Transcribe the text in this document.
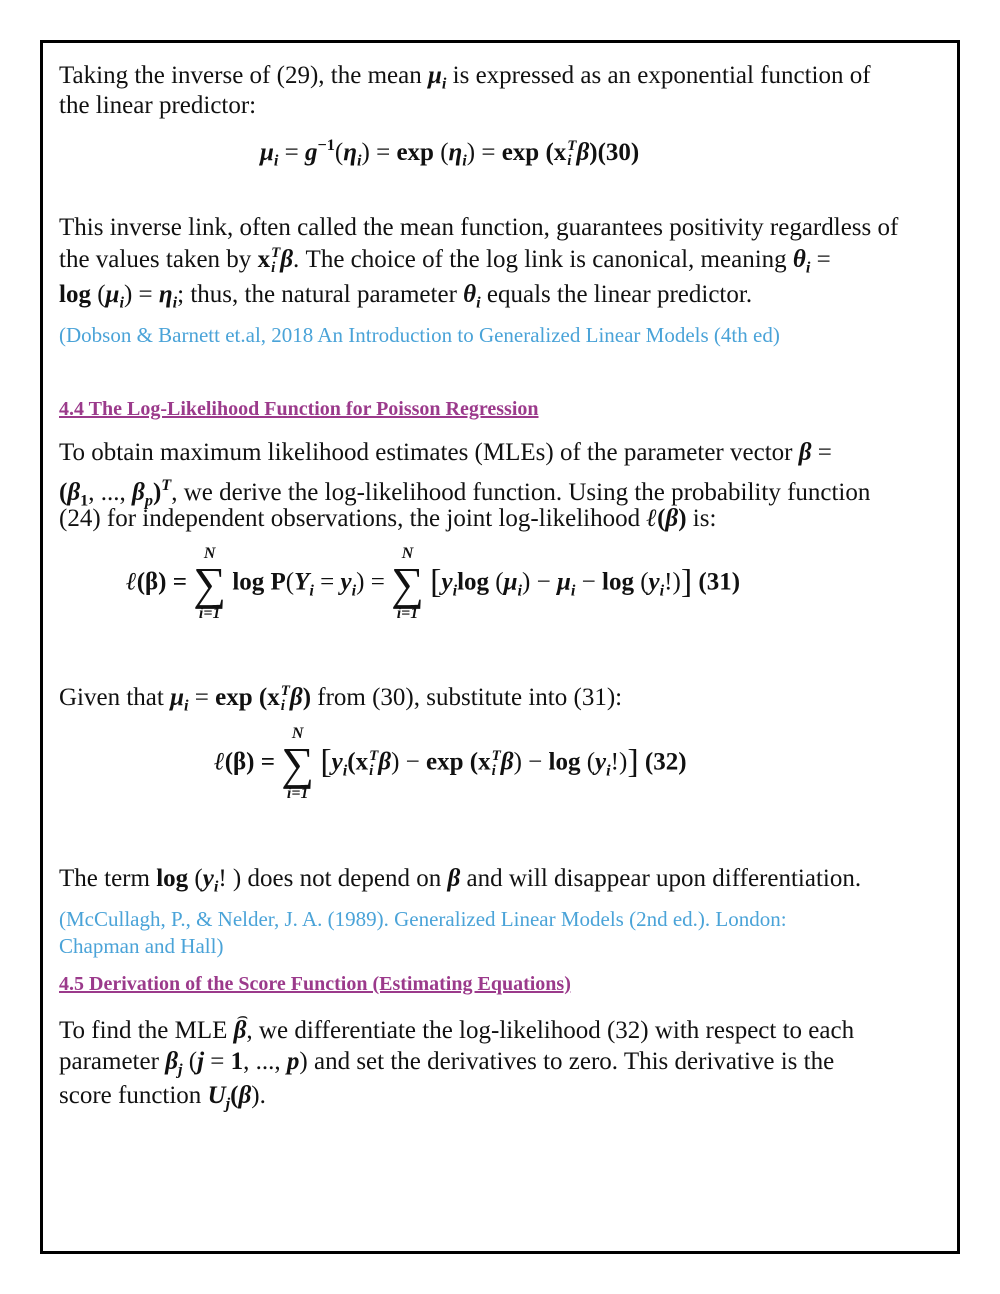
Taking the inverse of (29), the mean $\mu_i$ is expressed as an exponential function of
the linear predictor:
$\mu_i = g^{-1}(\eta_i) = \exp (\eta_i) = \exp (x$ T
i β)(30)
This inverse link, often called the mean function, guarantees positivity regardless of
the values taken by x T
i β. The choice of the log link is canonical, meaning $\theta_i$ =
$\log (\mu_i) = \eta_i$; thus, the natural parameter $\theta_i$ equals the linear predictor.
(Dobson & Barnett et.al, 2018 An Introduction to Generalized Linear Models (4th ed)
4.4 The Log-Likelihood Function for Poisson Regression
To obtain maximum likelihood estimates (MLEs) of the parameter vector β =
($\beta_1$, ..., $\beta_p)^T$, we derive the log-likelihood function. Using the probability function
(24) for independent observations, the joint log-likelihood ℓ(β) is:
ℓ(β) =
N
∑
i=1
$\log P(Y_i = y_i)$ =
N
∑
i=1
[$y_i\log$ $(\mu_i) - \mu_i - \log (y_i!)$] (31)
Given that $\mu_i = \exp (x$ T
i β) from (30), substitute into (31):
ℓ(β) =
N
∑
i=1
[$y_i(x$ T
i β) − exp (x T
i $\beta) - \log (y_i!)$] (32)
The term $\log (y_i$! ) does not depend on β and will disappear upon differentiation.
(McCullagh, P., & Nelder, J. A. (1989). Generalized Linear Models (2nd ed.). London:
Chapman and Hall)
4.5 Derivation of the Score Function (Estimating Equations)
To find the MLE ⌢ β, we differentiate the log-likelihood (32) with respect to each
parameter $\beta_j$ (j = 1, ..., p) and set the derivatives to zero. This derivative is the
score function $U_j(\beta)$.
